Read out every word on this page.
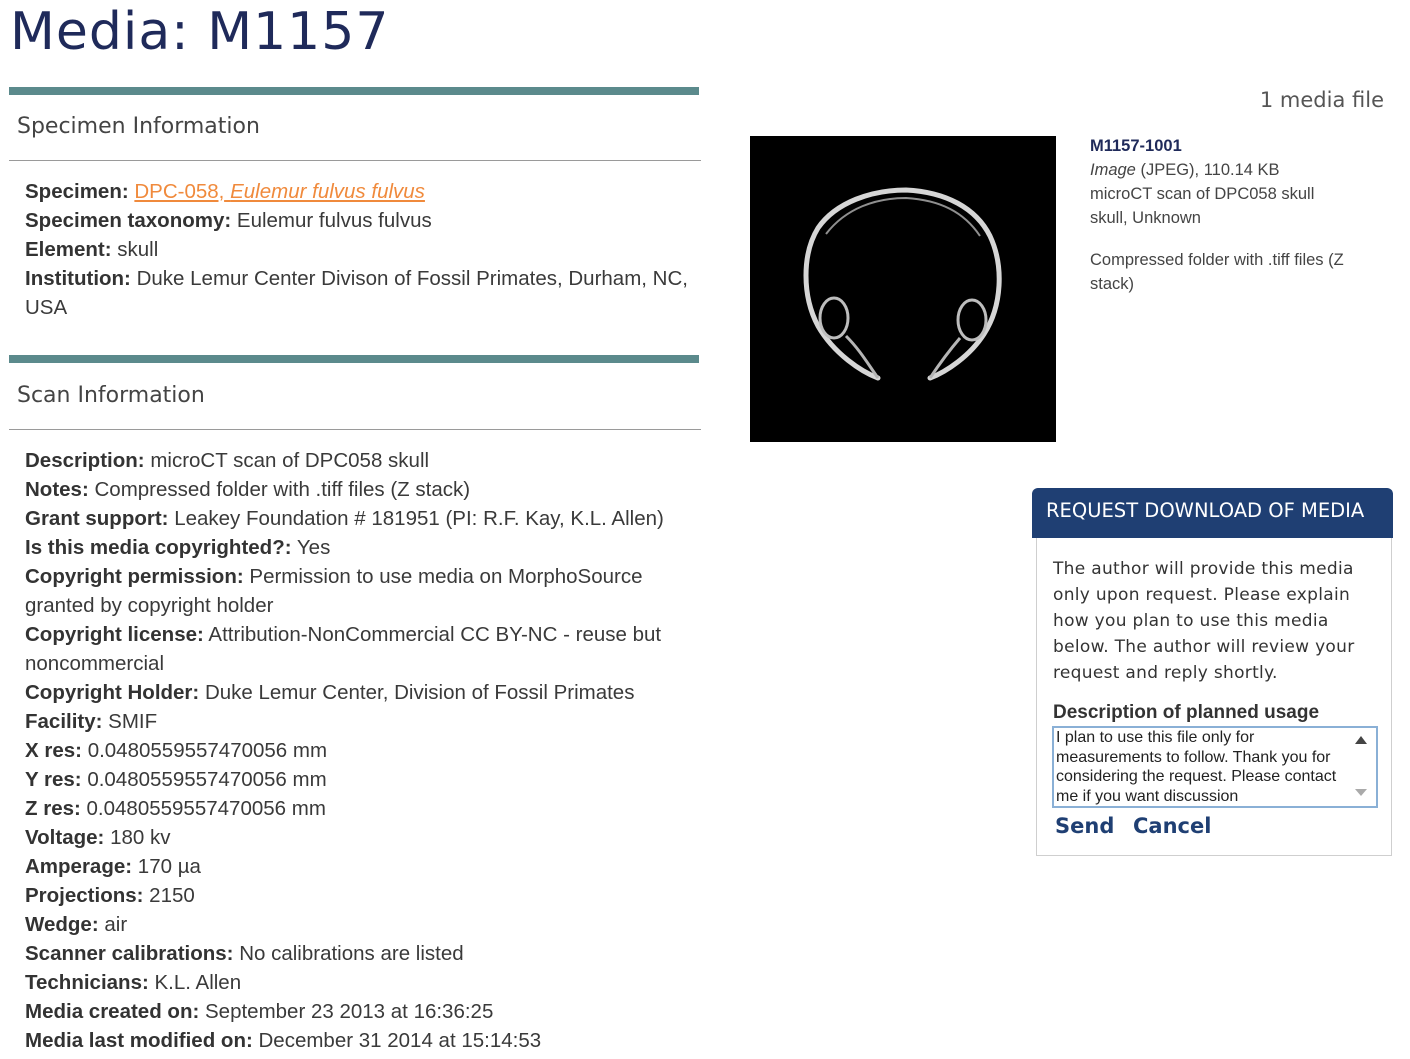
Media: M1157
Specimen Information

Specimen: DPC-058, Eulemur fulvus fulvus

Specimen taxonomy: Eulemur fulvus fulvus

Element: skull

Institution: Duke Lemur Center Divison of Fossil Primates, Durham, NC, USA

Scan Information

Description: microCT scan of DPC058 skull

Notes: Compressed folder with .tiff files (Z stack)

Grant support: Leakey Foundation # 181951 (PI: R.F. Kay, K.L. Allen)

Is this media copyrighted?: Yes

Copyright permission: Permission to use media on MorphoSource granted by copyright holder

Copyright license: Attribution-NonCommercial CC BY-NC - reuse but noncommercial

Copyright Holder: Duke Lemur Center, Division of Fossil Primates

Facility: SMIF

X res: 0.0480559557470056 mm

Y res: 0.0480559557470056 mm

Z res: 0.0480559557470056 mm

Voltage: 180 kv

Amperage: 170 µa

Projections: 2150

Wedge: air

Scanner calibrations: No calibrations are listed

Technicians: K.L. Allen

Media created on: September 23 2013 at 16:36:25

Media last modified on: December 31 2014 at 15:14:53

1 media file

M1157-1001

Image (JPEG), 110.14 KB

microCT scan of DPC058 skull

skull, Unknown

Compressed folder with .tiff files (Z stack)

REQUEST DOWNLOAD OF MEDIA

The author will provide this media only upon request. Please explain how you plan to use this media below. The author will review your request and reply shortly.

Description of planned usage

I plan to use this file only for measurements to follow. Thank you for considering the request. Please contact me if you want discussion

Send Cancel
